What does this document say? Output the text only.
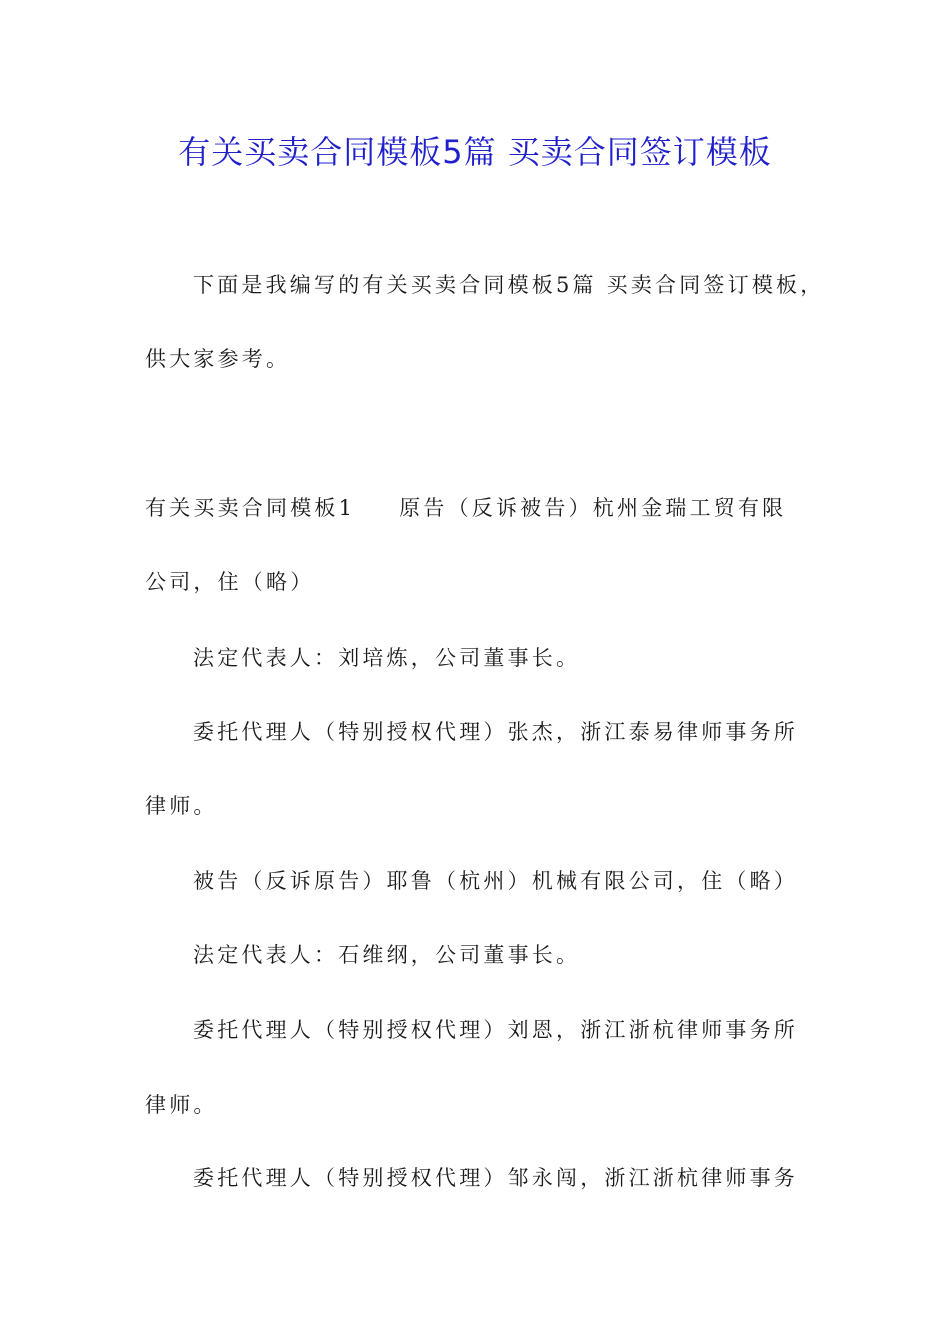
有关买卖合同模板5篇 买卖合同签订模板
下面是我编写的有关买卖合同模板5篇 买卖合同签订模板，
供大家参考。
有关买卖合同模板1 原告（反诉被告）杭州金瑞工贸有限
公司，住（略）
法定代表人：刘培炼，公司董事长。
委托代理人（特别授权代理）张杰，浙江泰易律师事务所
律师。
被告（反诉原告）耶鲁（杭州）机械有限公司，住（略）
法定代表人：石维纲，公司董事长。
委托代理人（特别授权代理）刘恩，浙江浙杭律师事务所
律师。
委托代理人（特别授权代理）邹永闯，浙江浙杭律师事务
